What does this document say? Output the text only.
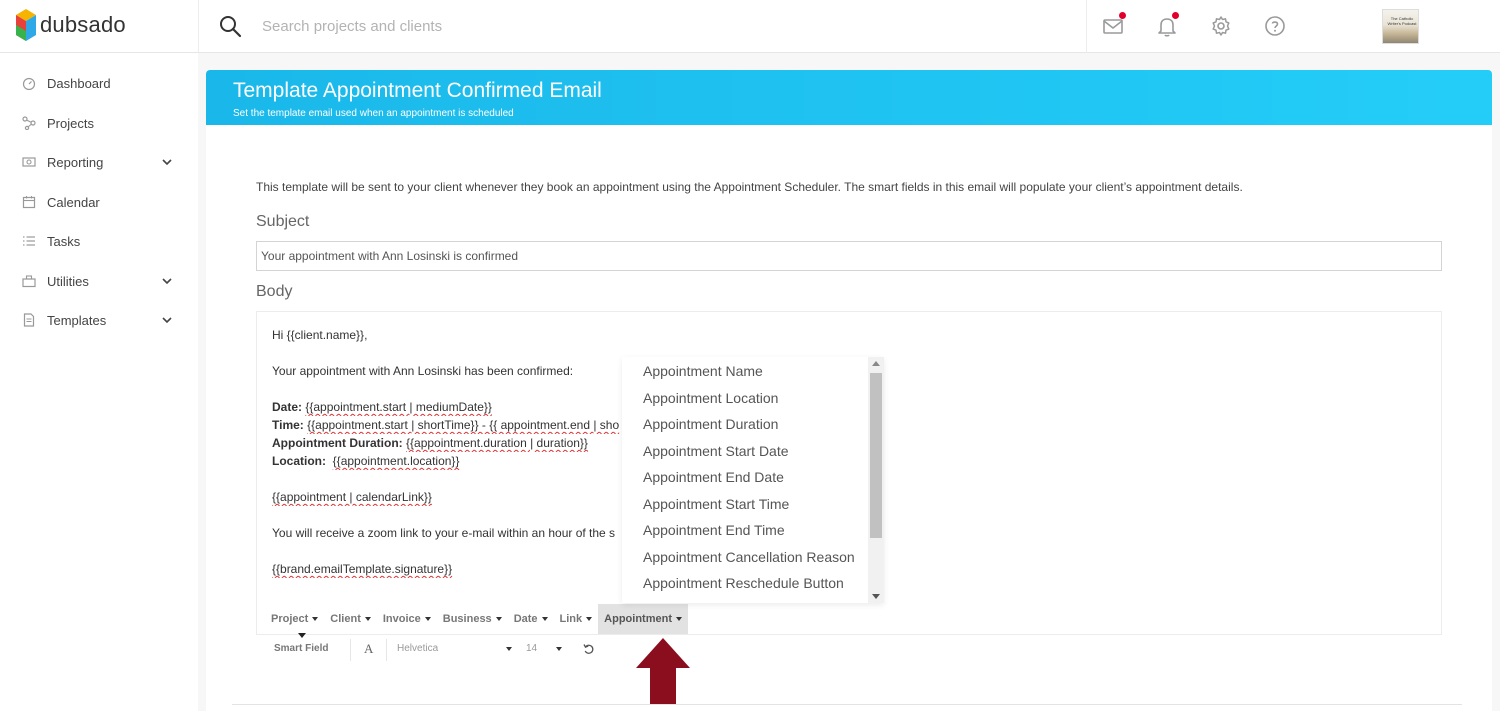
dubsado
Search projects and clients	The Catholic Writer's Podcast
Dashboard
Projects
Reporting
Calendar
Tasks
Utilities
Templates
Template Appointment Confirmed Email
Set the template email used when an appointment is scheduled
This template will be sent to your client whenever they book an appointment using the Appointment Scheduler. The smart fields in this email will populate your client’s appointment details.
Subject
Your appointment with Ann Losinski is confirmed
Body
Hi {{client.name}},
Your appointment with Ann Losinski has been confirmed:
Date: {{appointment.start | mediumDate}}
Time: {{appointment.start | shortTime}} - {{ appointment.end | sho
Appointment Duration: {{appointment.duration | duration}}
Location: {{appointment.location}}
{{appointment | calendarLink}}
You will receive a zoom link to your e-mail within an hour of the s
{{brand.emailTemplate.signature}}
Project Client Invoice Business Date Link Appointment
Smart Field	A Helvetica	14
Appointment Name
Appointment Location
Appointment Duration
Appointment Start Date
Appointment End Date
Appointment Start Time
Appointment End Time
Appointment Cancellation Reason
Appointment Reschedule Button
